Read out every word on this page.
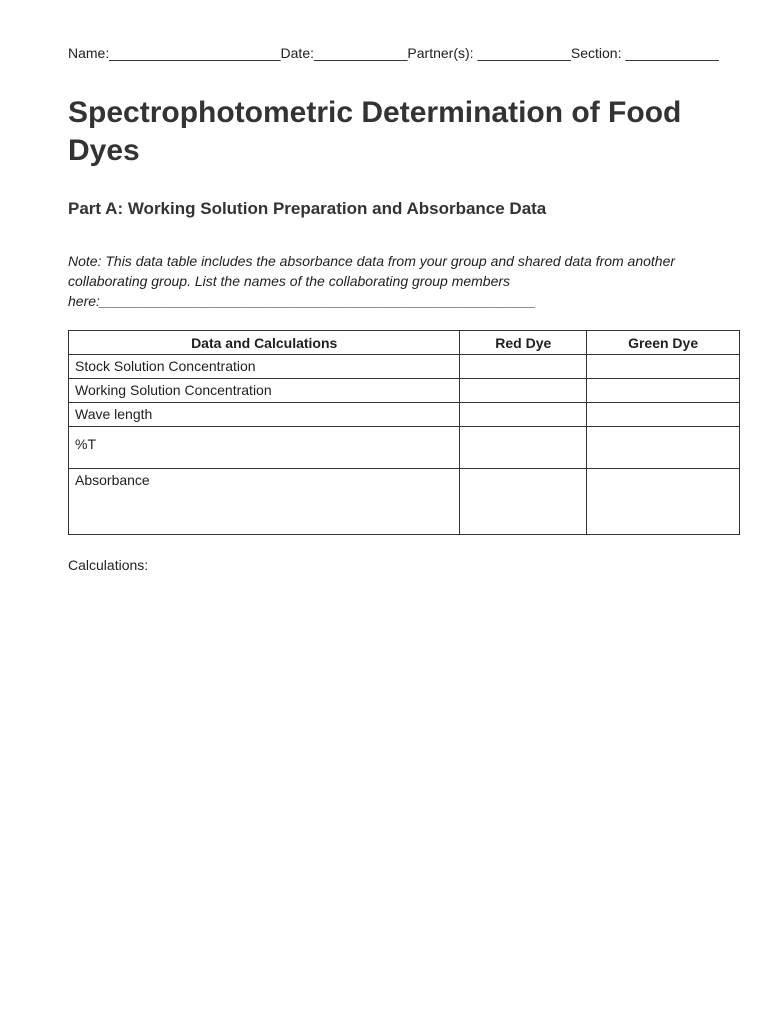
Name:______________________Date:____________Partner(s): ____________Section: ____________
Spectrophotometric Determination of Food Dyes
Part A: Working Solution Preparation and Absorbance Data
Note: This data table includes the absorbance data from your group and shared data from another
collaborating group. List the names of the collaborating group members
here:________________________________________________________
Data and Calculations	Red Dye	Green Dye
Stock Solution Concentration		
Working Solution Concentration		
Wave length		
%T		
Absorbance		
Calculations:
